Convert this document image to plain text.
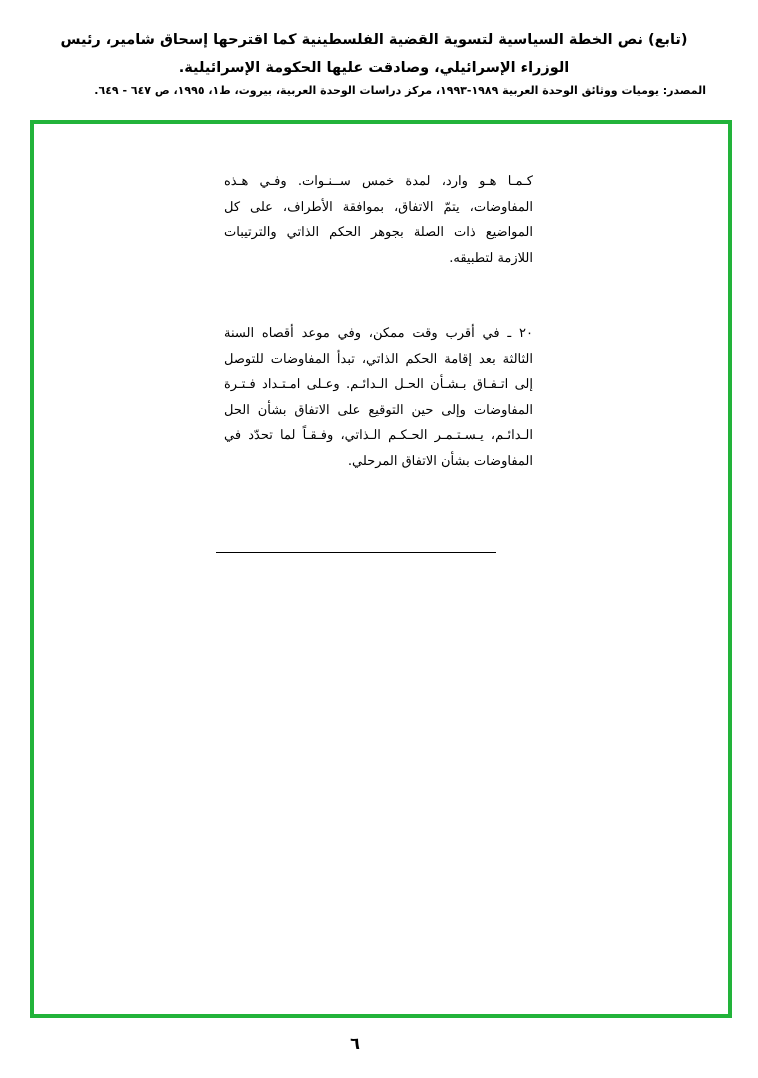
(تابع) نص الخطة السياسية لتسوية القضية الفلسطينية كما اقترحها إسحاق شامير، رئيس الوزراء الإسرائيلي، وصادقت عليها الحكومة الإسرائيلية.
المصدر: يوميات ووثائق الوحدة العربية ١٩٨٩-١٩٩٣، مركز دراسات الوحدة العربية، بيروت، ط١، ١٩٩٥، ص ٦٤٧ - ٦٤٩.

كـمـا هـو وارد، لمدة خمس ســنـوات. وفـي هـذه المفاوضات، يتمّ الاتفاق، بموافقة الأطراف، على كل المواضيع ذات الصلة بجوهر الحكم الذاتي والترتيبات اللازمة لتطبيقه.

٢٠ ـ في أقرب وقت ممكن، وفي موعد أقصاه السنة الثالثة بعد إقامة الحكم الذاتي، تبدأ المفاوضات للتوصل إلى اتـفـاق بـشـأن الحـل الـدائـم. وعـلى امـتـداد فـتـرة المفاوضات وإلى حين التوقيع على الاتفاق بشأن الحل الـدائـم، يـسـتـمـر الحـكـم الـذاتي، وفـقـاً لما تحدّد في المفاوضات بشأن الاتفاق المرحلي.

٦
